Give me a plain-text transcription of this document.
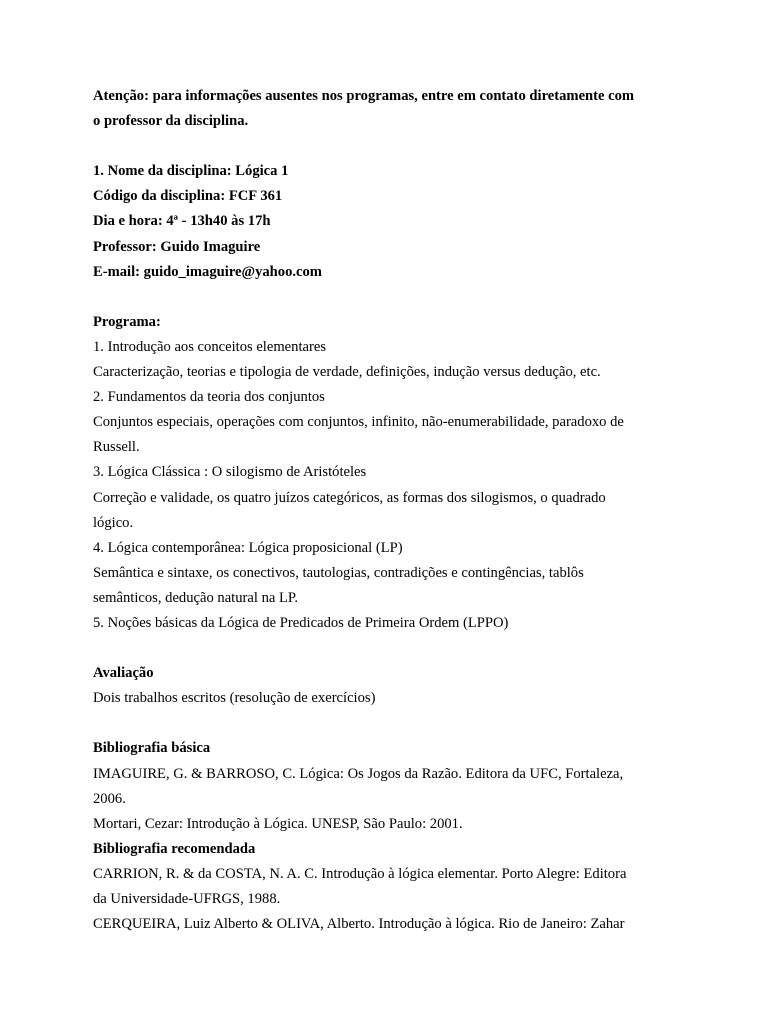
Atenção: para informações ausentes nos programas, entre em contato diretamente com
o professor da disciplina.
1. Nome da disciplina: Lógica 1
Código da disciplina: FCF 361
Dia e hora: 4ª - 13h40 às 17h
Professor: Guido Imaguire
E-mail: guido_imaguire@yahoo.com
Programa:
1. Introdução aos conceitos elementares
Caracterização, teorias e tipologia de verdade, definições, indução versus dedução, etc.
2. Fundamentos da teoria dos conjuntos
Conjuntos especiais, operações com conjuntos, infinito, não-enumerabilidade, paradoxo de
Russell.
3. Lógica Clássica : O silogismo de Aristóteles
Correção e validade, os quatro juízos categóricos, as formas dos silogismos, o quadrado
lógico.
4. Lógica contemporânea: Lógica proposicional (LP)
Semântica e sintaxe, os conectivos, tautologias, contradições e contingências, tablôs
semânticos, dedução natural na LP.
5. Noções básicas da Lógica de Predicados de Primeira Ordem (LPPO)
Avaliação
Dois trabalhos escritos (resolução de exercícios)
Bibliografia básica
IMAGUIRE, G. & BARROSO, C. Lógica: Os Jogos da Razão. Editora da UFC, Fortaleza,
2006.
Mortari, Cezar: Introdução à Lógica. UNESP, São Paulo: 2001.
Bibliografia recomendada
CARRION, R. & da COSTA, N. A. C. Introdução à lógica elementar. Porto Alegre: Editora
da Universidade-UFRGS, 1988.
CERQUEIRA, Luiz Alberto & OLIVA, Alberto. Introdução à lógica. Rio de Janeiro: Zahar
